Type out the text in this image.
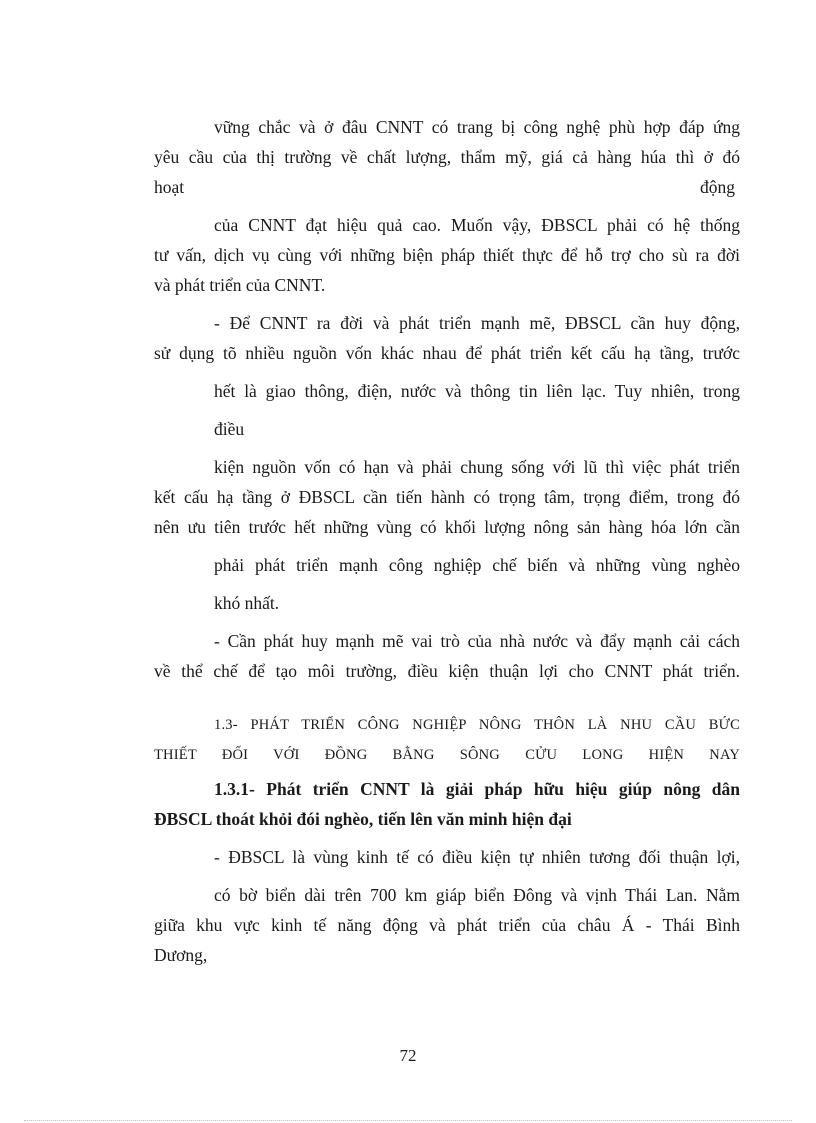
vững chắc và ở đâu CNNT có trang bị công nghệ phù hợp đáp ứng
yêu cầu của thị trường về chất lượng, thẩm mỹ, giá cả hàng húa thì ở đó
hoạt	động
của CNNT đạt hiệu quả cao. Muốn vậy, ĐBSCL phải có hệ thống
tư vấn, dịch vụ cùng với những biện pháp thiết thực để hỗ trợ cho sù ra đời
và phát triển của CNNT.
- Để CNNT ra đời và phát triển mạnh mẽ, ĐBSCL cần huy động,
sử dụng tõ nhiều nguồn vốn khác nhau để phát triển kết cấu hạ tầng, trước
hết là giao thông, điện, nước và thông tin liên lạc. Tuy nhiên, trong
điều
kiện nguồn vốn có hạn và phải chung sống với lũ thì việc phát triển
kết cấu hạ tầng ở ĐBSCL cần tiến hành có trọng tâm, trọng điểm, trong đó
nên ưu tiên trước hết những vùng có khối lượng nông sản hàng hóa lớn cần
phải phát triển mạnh công nghiệp chế biến và những vùng nghèo
khó nhất.
- Cần phát huy mạnh mẽ vai trò của nhà nước và đẩy mạnh cải cách
về thể chế để tạo môi trường, điều kiện thuận lợi cho CNNT phát triển.
1.3- PHÁT TRIỂN CÔNG NGHIỆP NÔNG THÔN LÀ NHU CẦU BỨC
THIẾT ĐỐI VỚI ĐỒNG BẰNG SÔNG CỬU LONG HIỆN NAY
1.3.1- Phát triển CNNT là giải pháp hữu hiệu giúp nông dân
ĐBSCL thoát khỏi đói nghèo, tiến lên văn minh hiện đại
- ĐBSCL là vùng kinh tế có điều kiện tự nhiên tương đối thuận lợi,
có bờ biển dài trên 700 km giáp biển Đông và vịnh Thái Lan. Nằm
giữa khu vực kinh tế năng động và phát triển của châu Á - Thái Bình
Dương,
72
